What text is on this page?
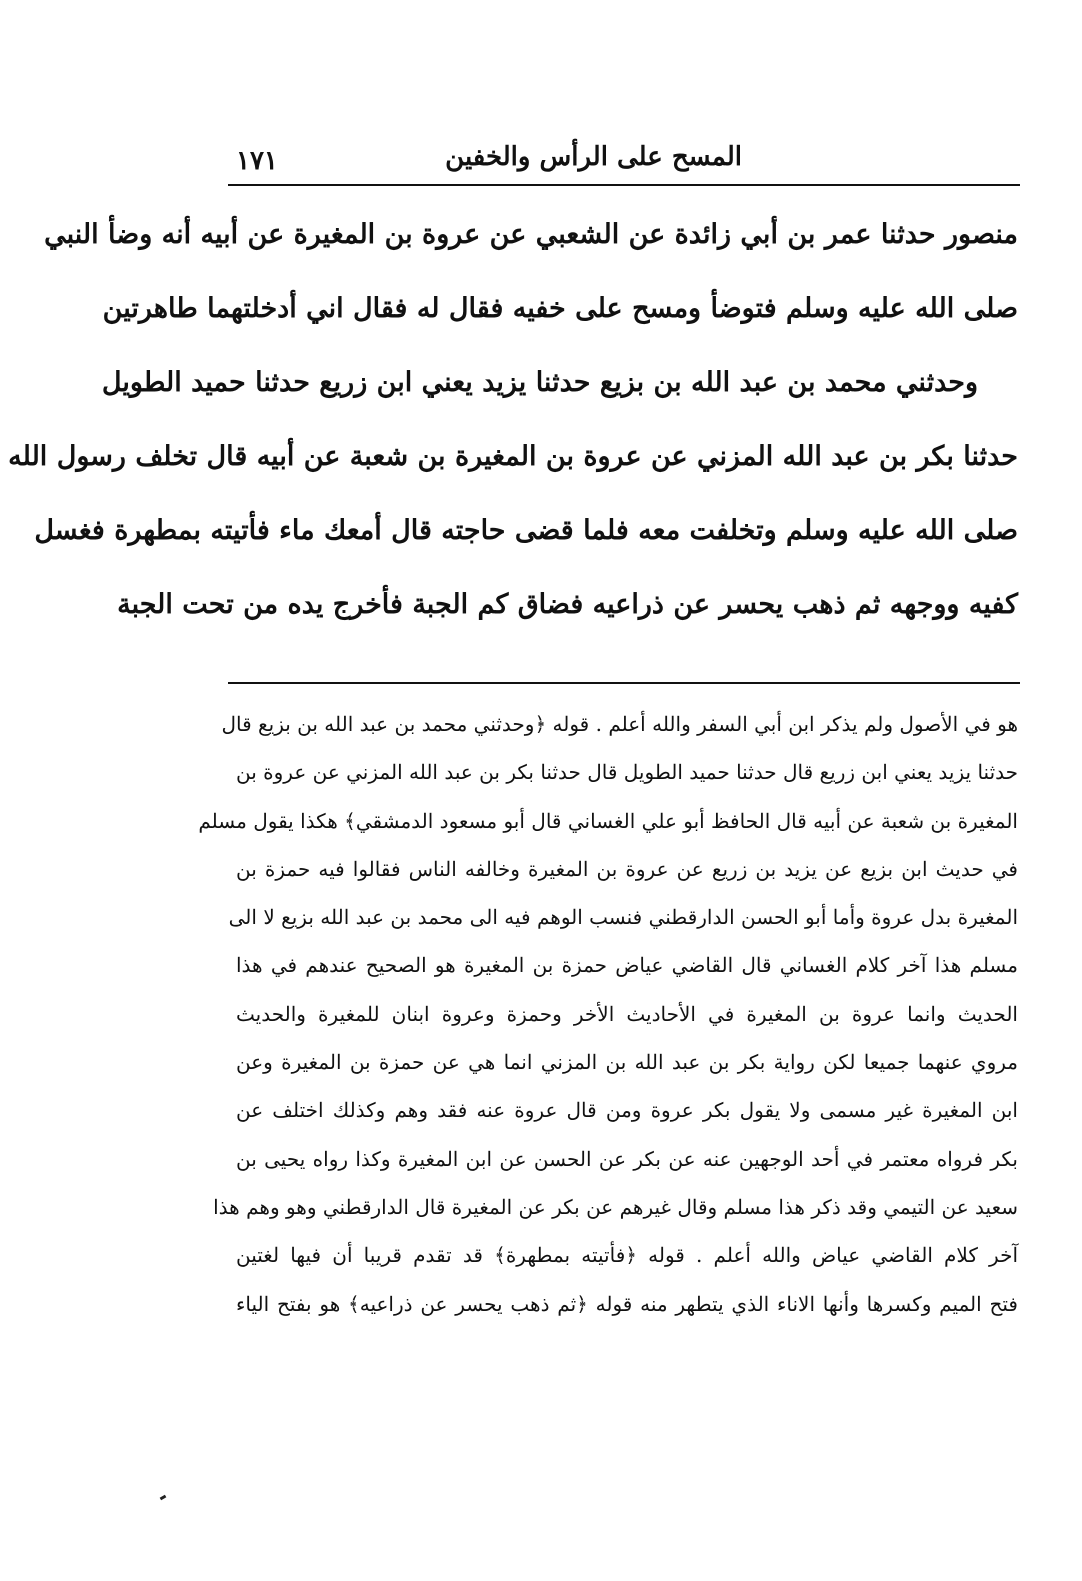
المسح على الرأس والخفين
١٧١
منصور حدثنا عمر بن أبي زائدة عن الشعبي عن عروة بن المغيرة عن أبيه أنه وضأ النبي
صلى الله عليه وسلم فتوضأ ومسح على خفيه فقال له فقال اني أدخلتهما طاهرتين
وحدثني محمد بن عبد الله بن بزيع حدثنا يزيد يعني ابن زريع حدثنا حميد الطويل
حدثنا بكر بن عبد الله المزني عن عروة بن المغيرة بن شعبة عن أبيه قال تخلف رسول الله
صلى الله عليه وسلم وتخلفت معه فلما قضى حاجته قال أمعك ماء فأتيته بمطهرة فغسل
كفيه ووجهه ثم ذهب يحسر عن ذراعيه فضاق كم الجبة فأخرج يده من تحت الجبة
هو في الأصول ولم يذكر ابن أبي السفر والله أعلم . قوله ﴿وحدثني محمد بن عبد الله بن بزيع قال
حدثنا يزيد يعني ابن زريع قال حدثنا حميد الطويل قال حدثنا بكر بن عبد الله المزني عن عروة بن
المغيرة بن شعبة عن أبيه قال الحافظ أبو علي الغساني قال أبو مسعود الدمشقي﴾ هكذا يقول مسلم
في حديث ابن بزيع عن يزيد بن زريع عن عروة بن المغيرة وخالفه الناس فقالوا فيه حمزة بن
المغيرة بدل عروة وأما أبو الحسن الدارقطني فنسب الوهم فيه الى محمد بن عبد الله بزيع لا الى
مسلم هذا آخر كلام الغساني قال القاضي عياض حمزة بن المغيرة هو الصحيح عندهم في هذا
الحديث وانما عروة بن المغيرة في الأحاديث الأخر وحمزة وعروة ابنان للمغيرة والحديث
مروي عنهما جميعا لكن رواية بكر بن عبد الله بن المزني انما هي عن حمزة بن المغيرة وعن
ابن المغيرة غير مسمى ولا يقول بكر عروة ومن قال عروة عنه فقد وهم وكذلك اختلف عن
بكر فرواه معتمر في أحد الوجهين عنه عن بكر عن الحسن عن ابن المغيرة وكذا رواه يحيى بن
سعيد عن التيمي وقد ذكر هذا مسلم وقال غيرهم عن بكر عن المغيرة قال الدارقطني وهو وهم هذا
آخر كلام القاضي عياض والله أعلم . قوله ﴿فأتيته بمطهرة﴾ قد تقدم قريبا أن فيها لغتين
فتح الميم وكسرها وأنها الاناء الذي يتطهر منه قوله ﴿ثم ذهب يحسر عن ذراعيه﴾ هو بفتح الياء
